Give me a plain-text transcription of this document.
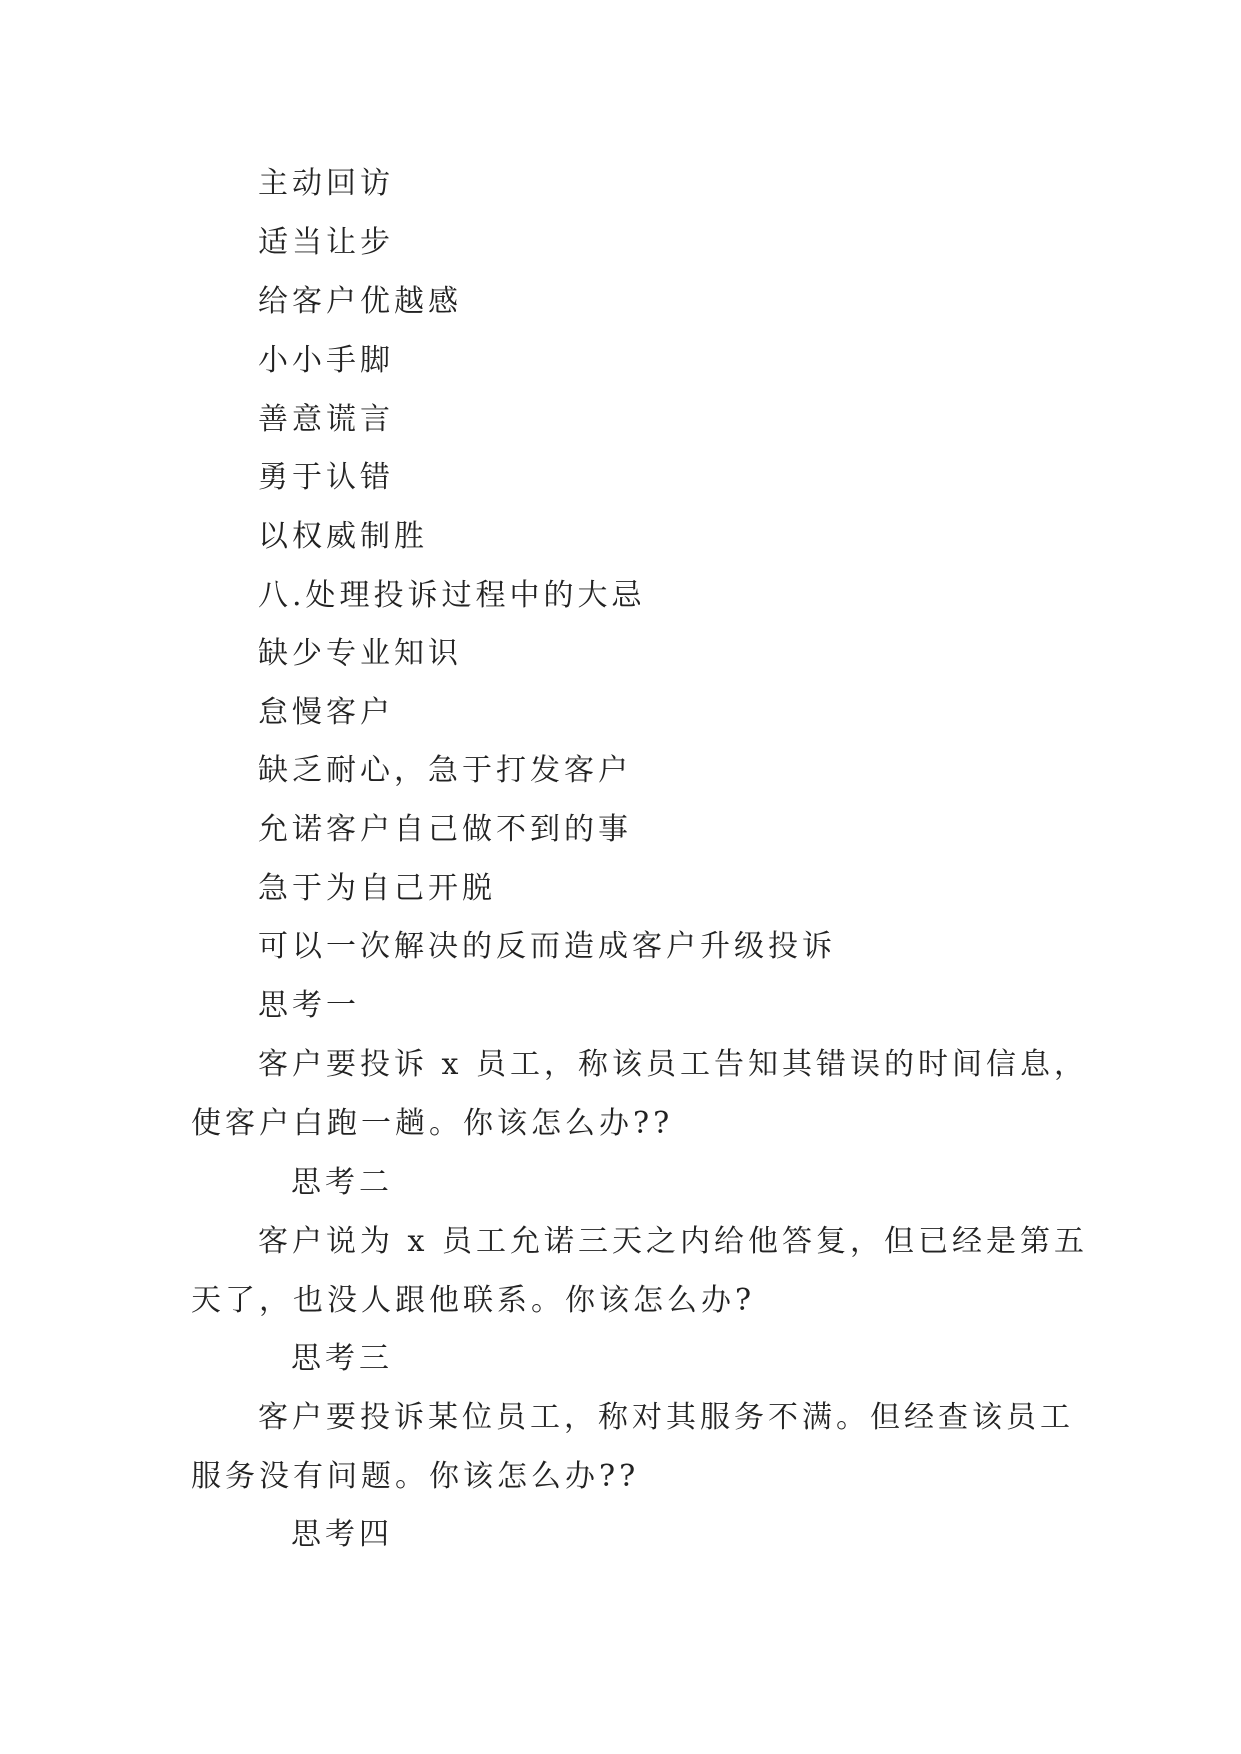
主动回访
适当让步
给客户优越感
小小手脚
善意谎言
勇于认错
以权威制胜
八.处理投诉过程中的大忌
缺少专业知识
怠慢客户
缺乏耐心，急于打发客户
允诺客户自己做不到的事
急于为自己开脱
可以一次解决的反而造成客户升级投诉
思考一
客户要投诉 x 员工，称该员工告知其错误的时间信息，
使客户白跑一趟。你该怎么办??
思考二
客户说为 x 员工允诺三天之内给他答复，但已经是第五
天了，也没人跟他联系。你该怎么办?
思考三
客户要投诉某位员工，称对其服务不满。但经查该员工
服务没有问题。你该怎么办??
思考四
